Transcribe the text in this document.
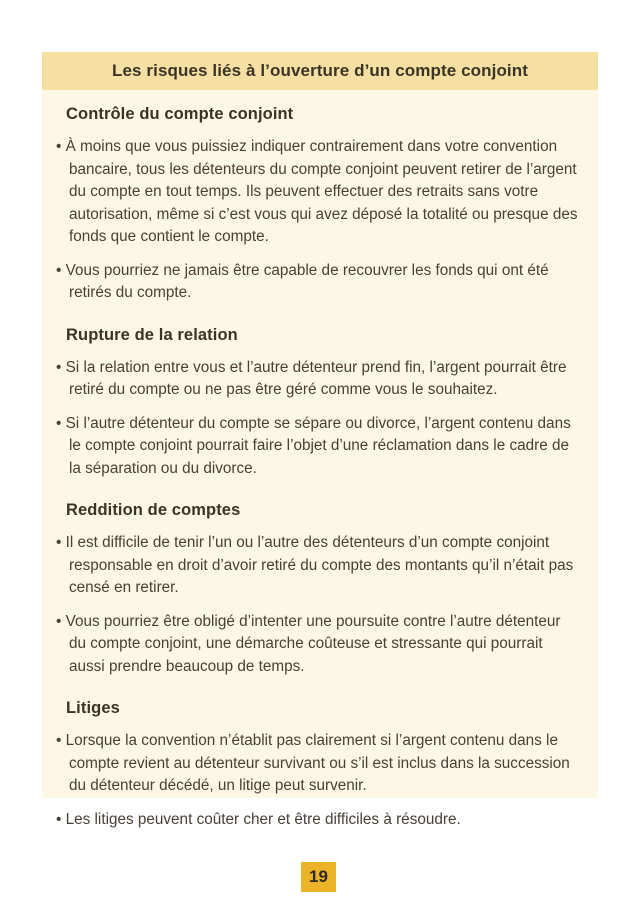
Les risques liés à l’ouverture d’un compte conjoint
Contrôle du compte conjoint
• À moins que vous puissiez indiquer contrairement dans votre convention bancaire, tous les détenteurs du compte conjoint peuvent retirer de l’argent du compte en tout temps. Ils peuvent effectuer des retraits sans votre autorisation, même si c’est vous qui avez déposé la totalité ou presque des fonds que contient le compte.
• Vous pourriez ne jamais être capable de recouvrer les fonds qui ont été retirés du compte.
Rupture de la relation
• Si la relation entre vous et l’autre détenteur prend fin, l’argent pourrait être retiré du compte ou ne pas être géré comme vous le souhaitez.
• Si l’autre détenteur du compte se sépare ou divorce, l’argent contenu dans le compte conjoint pourrait faire l’objet d’une réclamation dans le cadre de la séparation ou du divorce.
Reddition de comptes
• Il est difficile de tenir l’un ou l’autre des détenteurs d’un compte conjoint responsable en droit d’avoir retiré du compte des montants qu’il n’était pas censé en retirer.
• Vous pourriez être obligé d’intenter une poursuite contre l’autre détenteur du compte conjoint, une démarche coûteuse et stressante qui pourrait aussi prendre beaucoup de temps.
Litiges
• Lorsque la convention n’établit pas clairement si l’argent contenu dans le compte revient au détenteur survivant ou s’il est inclus dans la succession du détenteur décédé, un litige peut survenir.
• Les litiges peuvent coûter cher et être difficiles à résoudre.
19
